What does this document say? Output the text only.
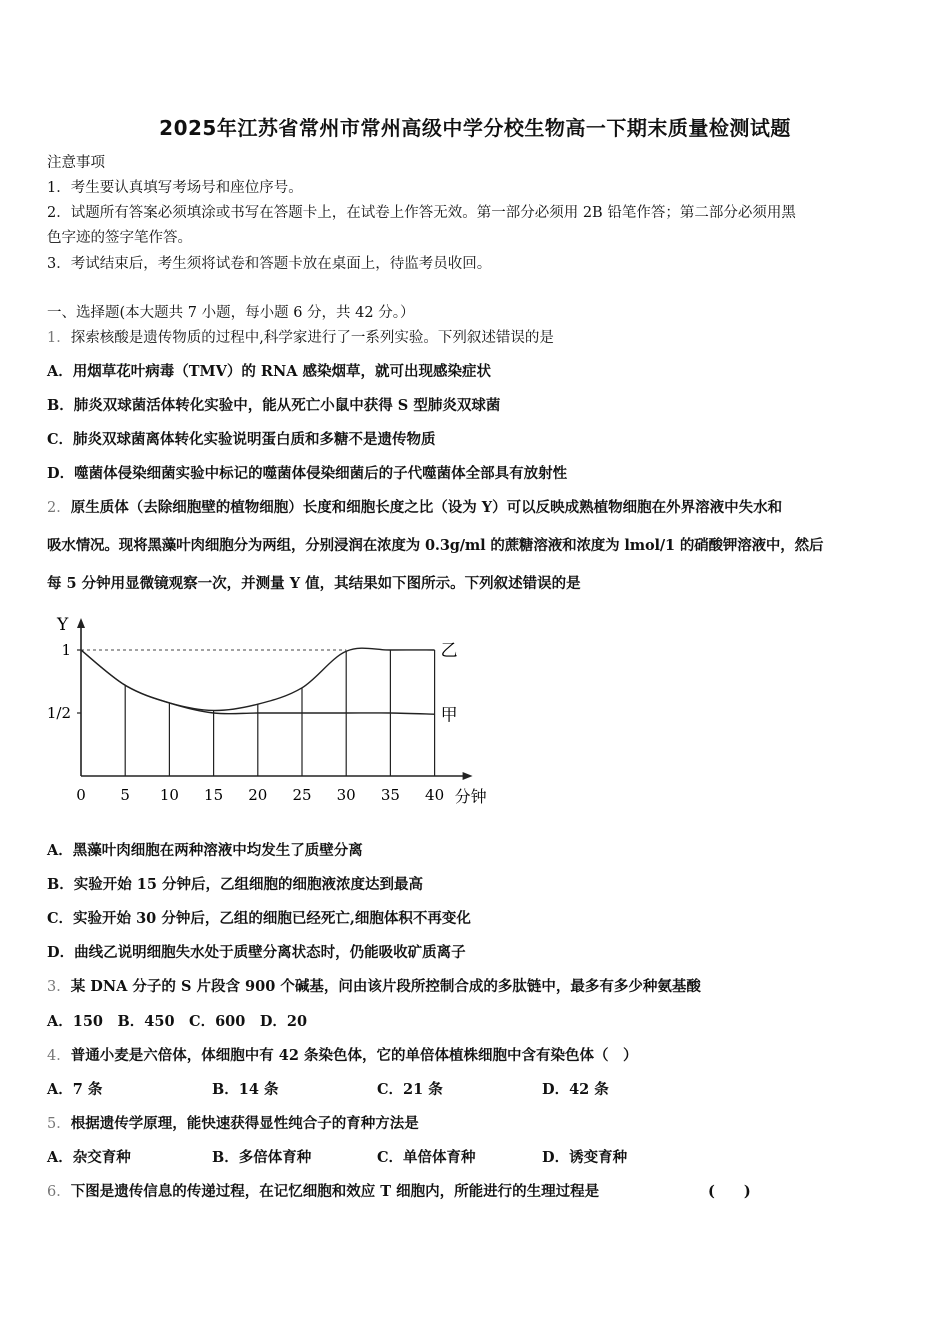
2025年江苏省常州市常州高级中学分校生物高一下期末质量检测试题
注意事项
1．考生要认真填写考场号和座位序号。
2．试题所有答案必须填涂或书写在答题卡上，在试卷上作答无效。第一部分必须用 2B 铅笔作答；第二部分必须用黑
色字迹的签字笔作答。
3．考试结束后，考生须将试卷和答题卡放在桌面上，待监考员收回。
一、选择题(本大题共 7 小题，每小题 6 分，共 42 分。）
1．探索核酸是遗传物质的过程中,科学家进行了一系列实验。下列叙述错误的是
A．用烟草花叶病毒（TMV）的 RNA 感染烟草，就可出现感染症状
B．肺炎双球菌活体转化实验中，能从死亡小鼠中获得 S 型肺炎双球菌
C．肺炎双球菌离体转化实验说明蛋白质和多糖不是遗传物质
D．噬菌体侵染细菌实验中标记的噬菌体侵染细菌后的子代噬菌体全部具有放射性
2．原生质体（去除细胞壁的植物细胞）长度和细胞长度之比（设为 Y）可以反映成熟植物细胞在外界溶液中失水和
吸水情况。现将黑藻叶肉细胞分为两组，分别浸润在浓度为 0.3g/ml 的蔗糖溶液和浓度为 lmol/1 的硝酸钾溶液中，然后
每 5 分钟用显微镜观察一次，并测量 Y 值，其结果如下图所示。下列叙述错误的是
1
1/2
0 5 10 15 20 25 30 35 40 分钟
Y
乙
甲
A．黑藻叶肉细胞在两种溶液中均发生了质壁分离
B．实验开始 15 分钟后，乙组细胞的细胞液浓度达到最高
C．实验开始 30 分钟后，乙组的细胞已经死亡,细胞体积不再变化
D．曲线乙说明细胞失水处于质壁分离状态时，仍能吸收矿质离子
3．某 DNA 分子的 S 片段含 900 个碱基，问由该片段所控制合成的多肽链中，最多有多少种氨基酸
A．150　B．450　C．600　D．20
4．普通小麦是六倍体，体细胞中有 42 条染色体，它的单倍体植株细胞中含有染色体（　）
A．7 条	B．14 条	C．21 条	D．42 条
5．根据遗传学原理，能快速获得显性纯合子的育种方法是
A．杂交育种	B．多倍体育种	C．单倍体育种	D．诱变育种
6．下图是遗传信息的传递过程，在记忆细胞和效应 T 细胞内，所能进行的生理过程是	(　　)
